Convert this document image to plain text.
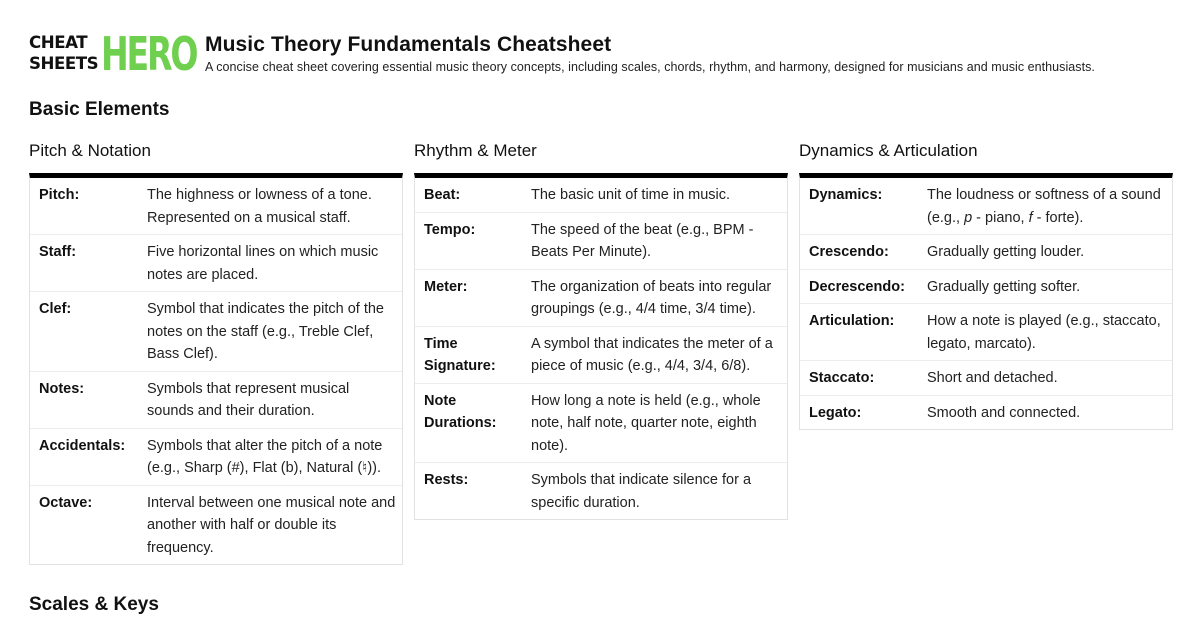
CHEAT
SHEETS HERO Music Theory Fundamentals Cheatsheet
A concise cheat sheet covering essential music theory concepts, including scales, chords, rhythm, and harmony, designed for musicians and music enthusiasts.
Basic Elements
Pitch & Notation
Pitch:	The highness or lowness of a tone. Represented on a musical staff.
Staff:	Five horizontal lines on which music notes are placed.
Clef:	Symbol that indicates the pitch of the notes on the staff (e.g., Treble Clef, Bass Clef).
Notes:	Symbols that represent musical sounds and their duration.
Accidentals:	Symbols that alter the pitch of a note (e.g., Sharp (#), Flat (b), Natural (♮)).
Octave:	Interval between one musical note and another with half or double its frequency.
Rhythm & Meter
Beat:	The basic unit of time in music.
Tempo:	The speed of the beat (e.g., BPM - Beats Per Minute).
Meter:	The organization of beats into regular groupings (e.g., 4/4 time, 3/4 time).
Time Signature:
A symbol that indicates the meter of a piece of music (e.g., 4/4, 3/4, 6/8).
Note Durations:
How long a note is held (e.g., whole note, half note, quarter note, eighth note).
Rests:	Symbols that indicate silence for a specific duration.
Dynamics & Articulation
Dynamics:	The loudness or softness of a sound (e.g., p - piano, f - forte).
Crescendo:	Gradually getting louder.
Decrescendo:	Gradually getting softer.
Articulation:	How a note is played (e.g., staccato, legato, marcato).
Staccato:	Short and detached.
Legato:	Smooth and connected.
Scales & Keys
